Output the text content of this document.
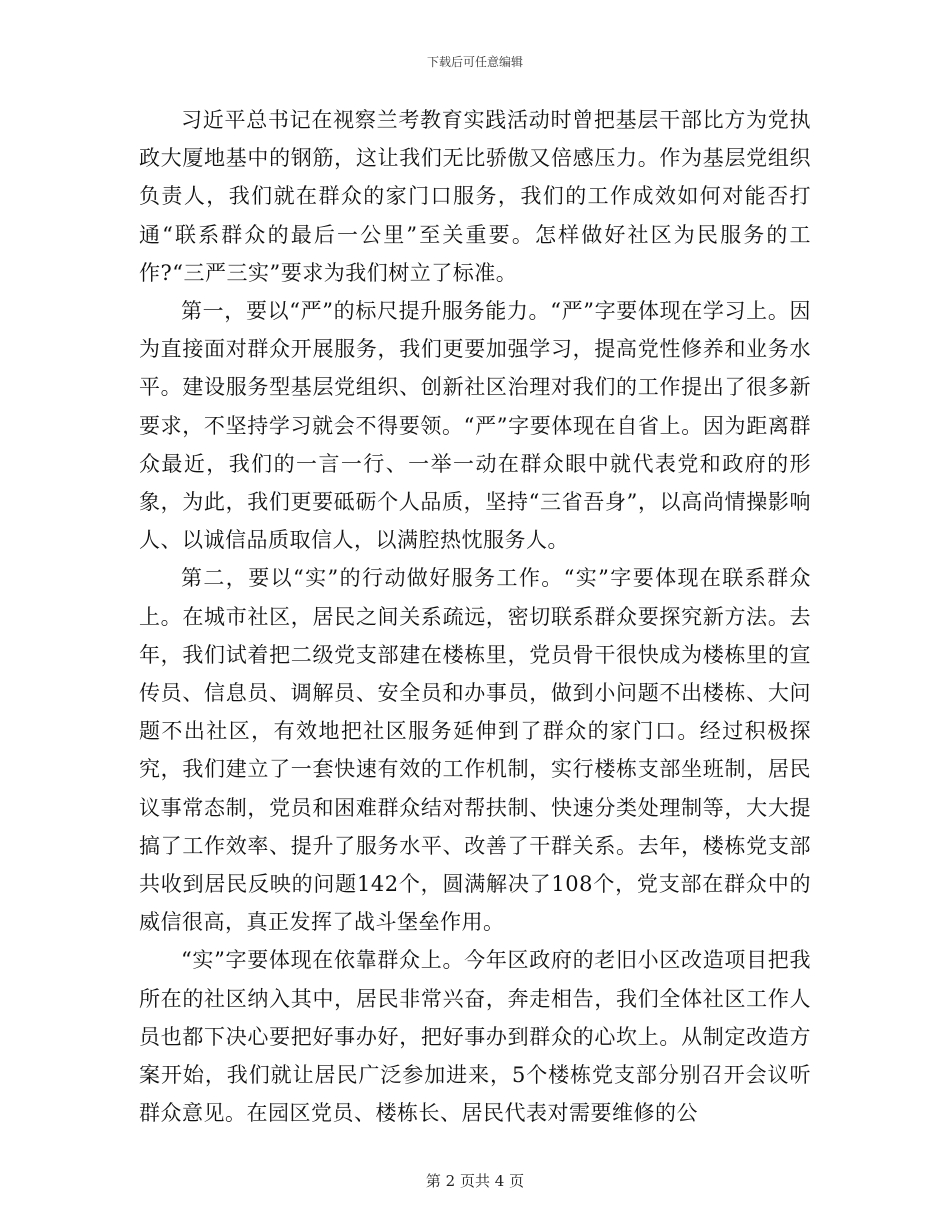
下载后可任意编辑

习近平总书记在视察兰考教育实践活动时曾把基层干部比方为党执政大厦地基中的钢筋，这让我们无比骄傲又倍感压力。作为基层党组织负责人，我们就在群众的家门口服务，我们的工作成效如何对能否打通“联系群众的最后一公里”至关重要。怎样做好社区为民服务的工作?“三严三实”要求为我们树立了标准。

第一，要以“严”的标尺提升服务能力。“严”字要体现在学习上。因为直接面对群众开展服务，我们更要加强学习，提高党性修养和业务水平。建设服务型基层党组织、创新社区治理对我们的工作提出了很多新要求，不坚持学习就会不得要领。“严”字要体现在自省上。因为距离群众最近，我们的一言一行、一举一动在群众眼中就代表党和政府的形象，为此，我们更要砥砺个人品质，坚持“三省吾身”，以高尚情操影响人、以诚信品质取信人，以满腔热忱服务人。

第二，要以“实”的行动做好服务工作。“实”字要体现在联系群众上。在城市社区，居民之间关系疏远，密切联系群众要探究新方法。去年，我们试着把二级党支部建在楼栋里，党员骨干很快成为楼栋里的宣传员、信息员、调解员、安全员和办事员，做到小问题不出楼栋、大问题不出社区，有效地把社区服务延伸到了群众的家门口。经过积极探究，我们建立了一套快速有效的工作机制，实行楼栋支部坐班制，居民议事常态制，党员和困难群众结对帮扶制、快速分类处理制等，大大提搞了工作效率、提升了服务水平、改善了干群关系。去年，楼栋党支部共收到居民反映的问题142个，圆满解决了108个，党支部在群众中的威信很高，真正发挥了战斗堡垒作用。

“实”字要体现在依靠群众上。今年区政府的老旧小区改造项目把我所在的社区纳入其中，居民非常兴奋，奔走相告，我们全体社区工作人员也都下决心要把好事办好，把好事办到群众的心坎上。从制定改造方案开始，我们就让居民广泛参加进来，5个楼栋党支部分别召开会议听群众意见。在园区党员、楼栋长、居民代表对需要维修的公

第 2 页共 4 页
